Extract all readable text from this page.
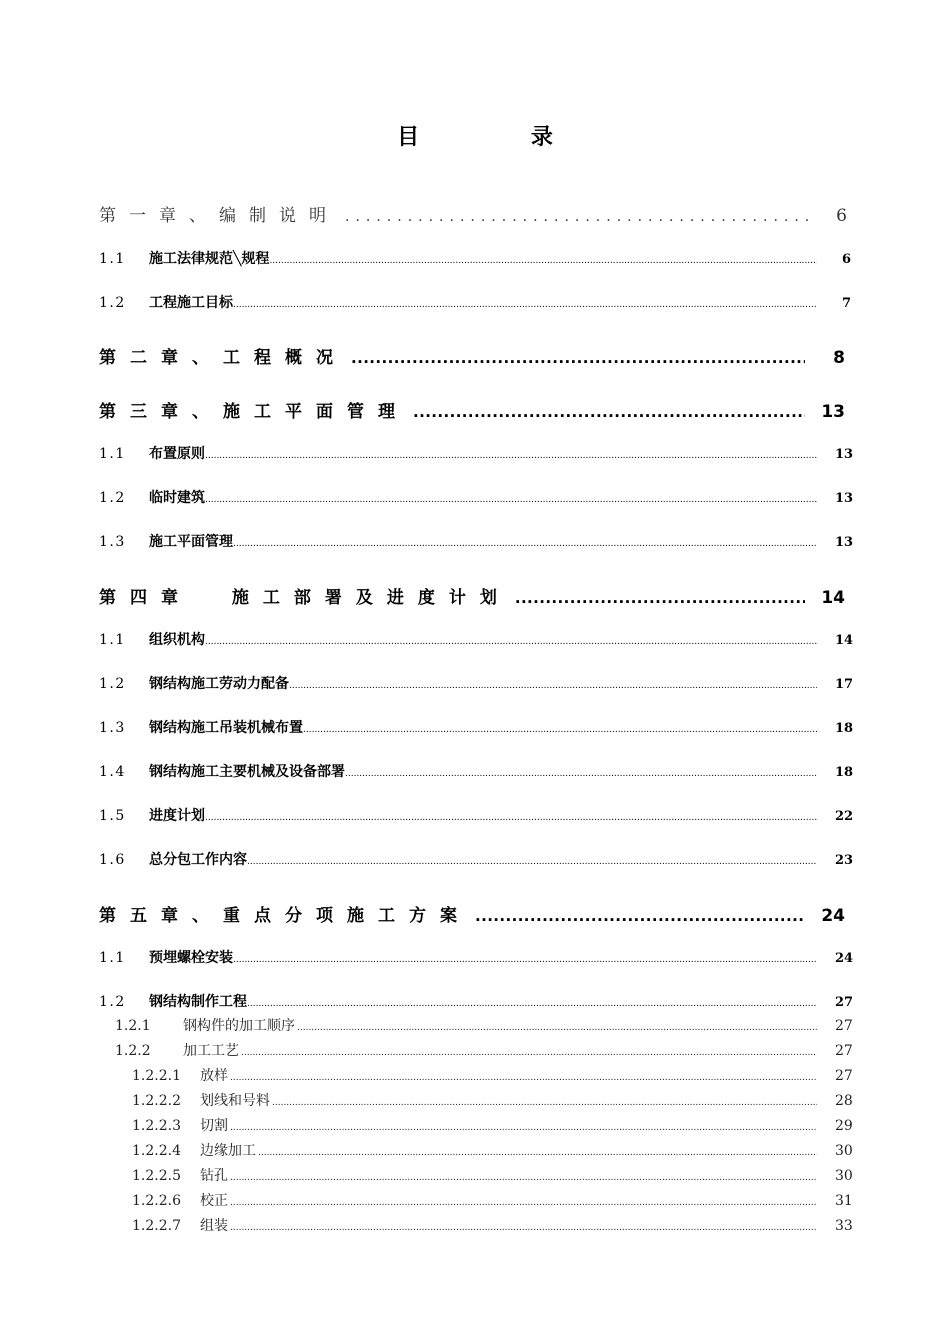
目 录
第一章、编制说明 .....	6
1.1	施工法律规范╲规程 .....	6
1.2	工程施工目标 .....	7
第二章、工程概况 .....	8
第三章、施工平面管理 .....	13
1.1	布置原则 .....	13
1.2	临时建筑 .....	13
1.3	施工平面管理 .....	13
第四章  施工部署及进度计划 .....	14
1.1	组织机构 .....	14
1.2	钢结构施工劳动力配备 .....	17
1.3	钢结构施工吊装机械布置 .....	18
1.4	钢结构施工主要机械及设备部署 .....	18
1.5	进度计划 .....	22
1.6	总分包工作内容 .....	23
第五章、重点分项施工方案 .....	24
1.1	预埋螺栓安装 .....	24
1.2	钢结构制作工程 .....	27
1.2.1	钢构件的加工顺序 .....	27
1.2.2	加工工艺 .....	27
1.2.2.1	放样 .....	27
1.2.2.2	划线和号料 .....	28
1.2.2.3	切割 .....	29
1.2.2.4	边缘加工 .....	30
1.2.2.5	钻孔 .....	30
1.2.2.6	校正 .....	31
1.2.2.7	组装 .....	33
